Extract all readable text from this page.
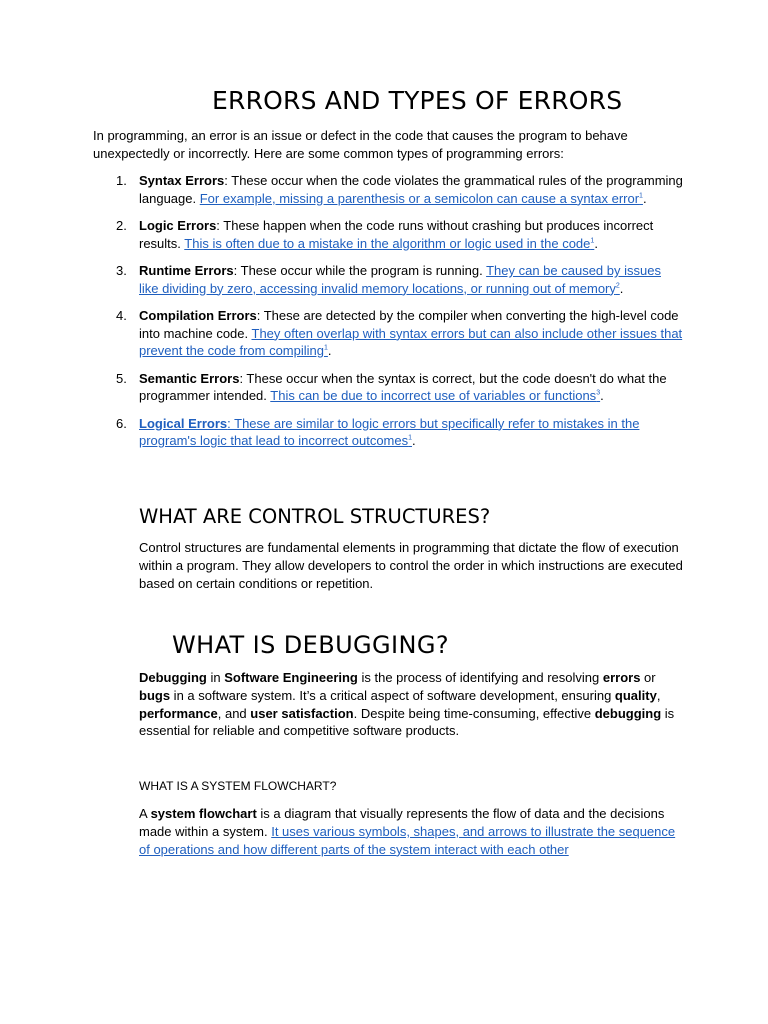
ERRORS AND TYPES OF ERRORS

In programming, an error is an issue or defect in the code that causes the program to behave unexpectedly or incorrectly. Here are some common types of programming errors:

1. Syntax Errors: These occur when the code violates the grammatical rules of the programming language. For example, missing a parenthesis or a semicolon can cause a syntax error$^1$.
2. Logic Errors: These happen when the code runs without crashing but produces incorrect results. This is often due to a mistake in the algorithm or logic used in the code$^1$.
3. Runtime Errors: These occur while the program is running. They can be caused by issues like dividing by zero, accessing invalid memory locations, or running out of memory$^2$.
4. Compilation Errors: These are detected by the compiler when converting the high-level code into machine code. They often overlap with syntax errors but can also include other issues that prevent the code from compiling$^1$.
5. Semantic Errors: These occur when the syntax is correct, but the code doesn't do what the programmer intended. This can be due to incorrect use of variables or functions$^3$.
6. Logical Errors: These are similar to logic errors but specifically refer to mistakes in the program's logic that lead to incorrect outcomes$^1$.
WHAT ARE CONTROL STRUCTURES?

Control structures are fundamental elements in programming that dictate the flow of execution within a program. They allow developers to control the order in which instructions are executed based on certain conditions or repetition.

WHAT IS DEBUGGING?

Debugging in Software Engineering is the process of identifying and resolving errors or bugs in a software system. It’s a critical aspect of software development, ensuring quality, performance, and user satisfaction. Despite being time-consuming, effective debugging is essential for reliable and competitive software products.

WHAT IS A SYSTEM FLOWCHART?

A system flowchart is a diagram that visually represents the flow of data and the decisions made within a system. It uses various symbols, shapes, and arrows to illustrate the sequence of operations and how different parts of the system interact with each other
